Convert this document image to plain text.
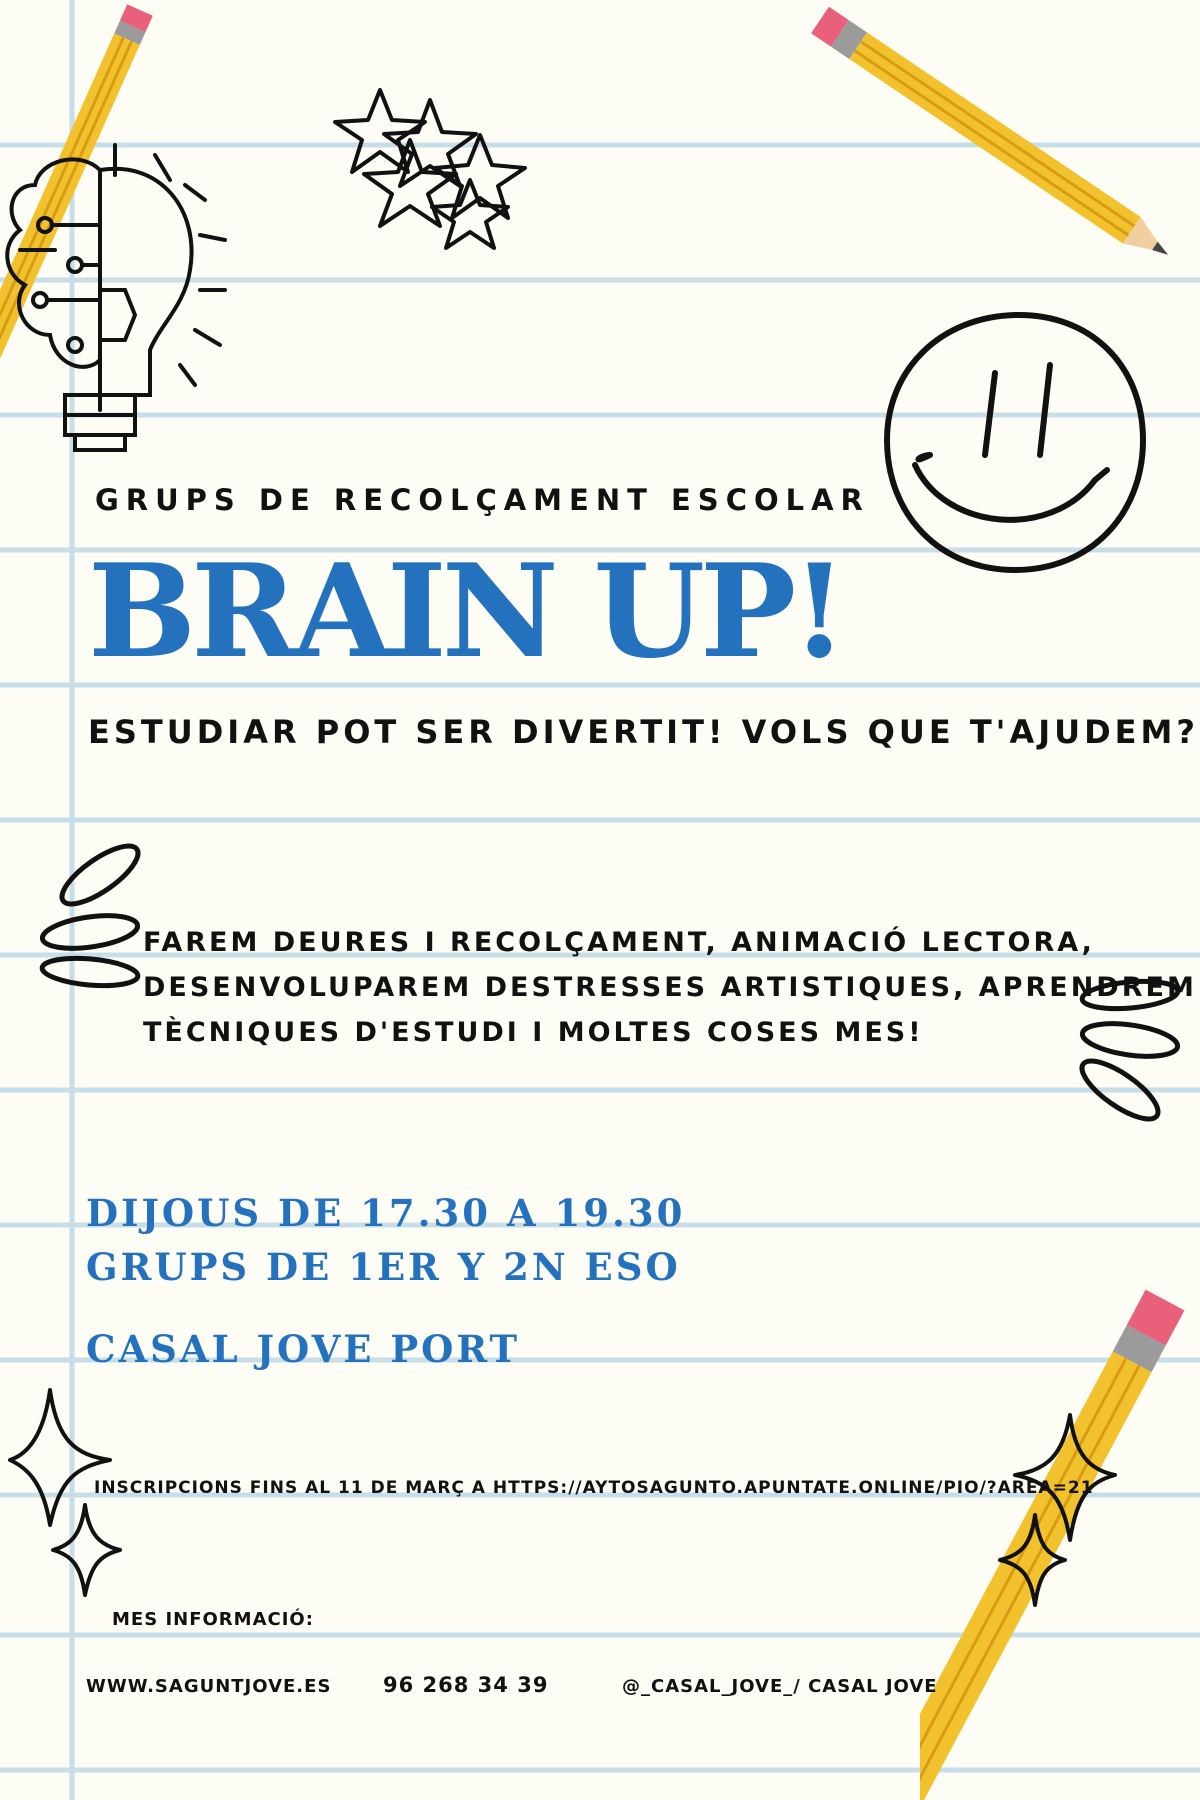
GRUPS DE RECOLÇAMENT ESCOLAR
BRAIN UP!
ESTUDIAR POT SER DIVERTIT! VOLS QUE T'AJUDEM?
FAREM DEURES I RECOLÇAMENT, ANIMACIÓ LECTORA,
DESENVOLUPAREM DESTRESSES ARTISTIQUES, APRENDREM
TÈCNIQUES D'ESTUDI I MOLTES COSES MES!
DIJOUS DE 17.30 A 19.30
GRUPS DE 1ER Y 2N ESO
CASAL JOVE PORT
INSCRIPCIONS FINS AL 11 DE MARÇ A HTTPS://AYTOSAGUNTO.APUNTATE.ONLINE/PIO/?AREA=21
MES INFORMACIÓ:
WWW.SAGUNTJOVE.ES 96 268 34 39	@_CASAL_JOVE_/ CASAL JOVE
